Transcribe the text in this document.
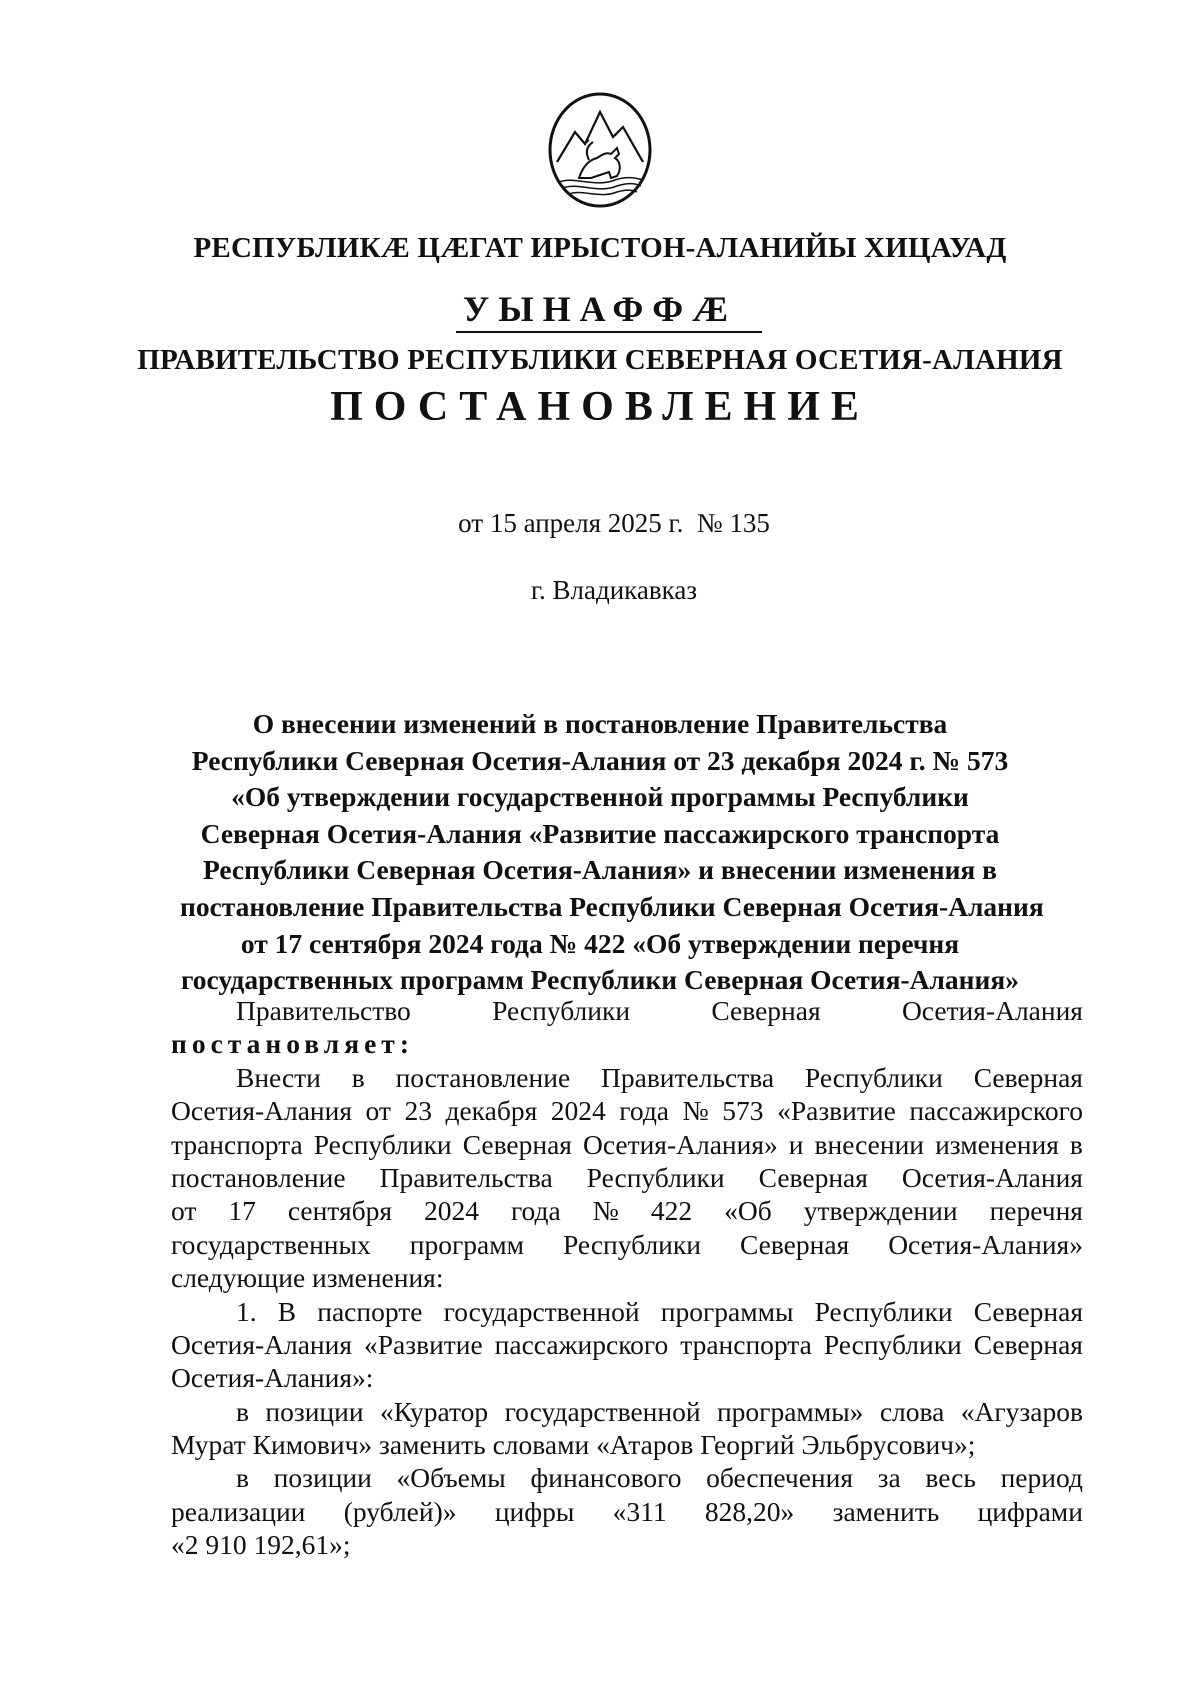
РЕСПУБЛИКÆ ЦÆГАТ ИРЫСТОН-АЛАНИЙЫ ХИЦАУАД
УЫНАФФÆ
ПРАВИТЕЛЬСТВО РЕСПУБЛИКИ СЕВЕРНАЯ ОСЕТИЯ-АЛАНИЯ
ПОСТАНОВЛЕНИЕ
от 15 апреля 2025 г.  № 135
г. Владикавказ
О внесении изменений в постановление Правительства
Республики Северная Осетия-Алания от 23 декабря 2024 г. № 573
«Об утверждении государственной программы Республики
Северная Осетия-Алания «Развитие пассажирского транспорта
Республики Северная Осетия-Алания» и внесении изменения в
постановление Правительства Республики Северная Осетия-Алания
от 17 сентября 2024 года № 422 «Об утверждении перечня
государственных программ Республики Северная Осетия-Алания»
Правительство	Республики	Северная	Осетия-Алания
постановляет:
Внести в постановление Правительства Республики Северная
Осетия-Алания от 23 декабря 2024 года № 573 «Развитие пассажирского
транспорта Республики Северная Осетия-Алания» и внесении изменения в
постановление Правительства Республики Северная Осетия-Алания
от 17 сентября 2024 года № 422 «Об утверждении перечня
государственных программ Республики Северная Осетия-Алания»
следующие изменения:
1. В паспорте государственной программы Республики Северная
Осетия-Алания «Развитие пассажирского транспорта Республики Северная
Осетия-Алания»:
в позиции «Куратор государственной программы» слова «Агузаров
Мурат Кимович» заменить словами «Атаров Георгий Эльбрусович»;
в позиции «Объемы финансового обеспечения за весь период
реализации (рублей)» цифры «311 828,20» заменить цифрами
«2 910 192,61»;
